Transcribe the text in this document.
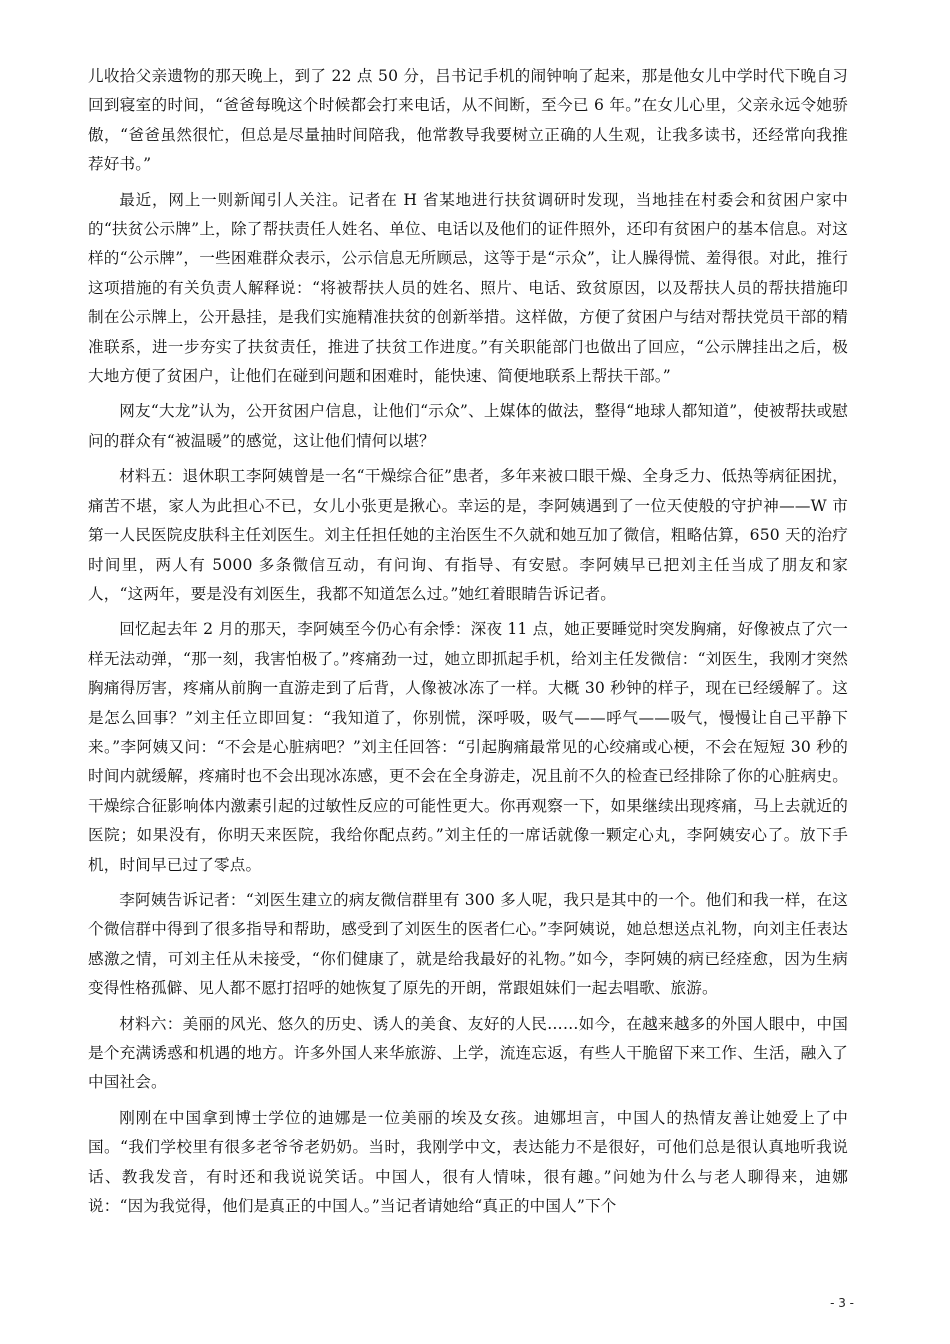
儿收拾父亲遗物的那天晚上，到了 22 点 50 分，吕书记手机的闹钟响了起来，那是他女儿中学时代下晚自习回到寝室的时间，“爸爸每晚这个时候都会打来电话，从不间断，至今已 6 年。”在女儿心里，父亲永远令她骄傲，“爸爸虽然很忙，但总是尽量抽时间陪我，他常教导我要树立正确的人生观，让我多读书，还经常向我推荐好书。”

最近，网上一则新闻引人关注。记者在 H 省某地进行扶贫调研时发现，当地挂在村委会和贫困户家中的“扶贫公示牌”上，除了帮扶责任人姓名、单位、电话以及他们的证件照外，还印有贫困户的基本信息。对这样的“公示牌”，一些困难群众表示，公示信息无所顾忌，这等于是“示众”，让人臊得慌、羞得很。对此，推行这项措施的有关负责人解释说：“将被帮扶人员的姓名、照片、电话、致贫原因，以及帮扶人员的帮扶措施印制在公示牌上，公开悬挂，是我们实施精准扶贫的创新举措。这样做，方便了贫困户与结对帮扶党员干部的精准联系，进一步夯实了扶贫责任，推进了扶贫工作进度。”有关职能部门也做出了回应，“公示牌挂出之后，极大地方便了贫困户，让他们在碰到问题和困难时，能快速、简便地联系上帮扶干部。”

网友“大龙”认为，公开贫困户信息，让他们“示众”、上媒体的做法，整得“地球人都知道”，使被帮扶或慰问的群众有“被温暖”的感觉，这让他们情何以堪？

材料五：退休职工李阿姨曾是一名“干燥综合征”患者，多年来被口眼干燥、全身乏力、低热等病征困扰，痛苦不堪，家人为此担心不已，女儿小张更是揪心。幸运的是，李阿姨遇到了一位天使般的守护神——W 市第一人民医院皮肤科主任刘医生。刘主任担任她的主治医生不久就和她互加了微信，粗略估算，650 天的治疗时间里，两人有 5000 多条微信互动，有问询、有指导、有安慰。李阿姨早已把刘主任当成了朋友和家人，“这两年，要是没有刘医生，我都不知道怎么过。”她红着眼睛告诉记者。

回忆起去年 2 月的那天，李阿姨至今仍心有余悸：深夜 11 点，她正要睡觉时突发胸痛，好像被点了穴一样无法动弹，“那一刻，我害怕极了。”疼痛劲一过，她立即抓起手机，给刘主任发微信：“刘医生，我刚才突然胸痛得厉害，疼痛从前胸一直游走到了后背，人像被冰冻了一样。大概 30 秒钟的样子，现在已经缓解了。这是怎么回事？”刘主任立即回复：“我知道了，你别慌，深呼吸，吸气——呼气——吸气，慢慢让自己平静下来。”李阿姨又问：“不会是心脏病吧？”刘主任回答：“引起胸痛最常见的心绞痛或心梗，不会在短短 30 秒的时间内就缓解，疼痛时也不会出现冰冻感，更不会在全身游走，况且前不久的检查已经排除了你的心脏病史。干燥综合征影响体内激素引起的过敏性反应的可能性更大。你再观察一下，如果继续出现疼痛，马上去就近的医院；如果没有，你明天来医院，我给你配点药。”刘主任的一席话就像一颗定心丸，李阿姨安心了。放下手机，时间早已过了零点。

李阿姨告诉记者：“刘医生建立的病友微信群里有 300 多人呢，我只是其中的一个。他们和我一样，在这个微信群中得到了很多指导和帮助，感受到了刘医生的医者仁心。”李阿姨说，她总想送点礼物，向刘主任表达感激之情，可刘主任从未接受，“你们健康了，就是给我最好的礼物。”如今，李阿姨的病已经痊愈，因为生病变得性格孤僻、见人都不愿打招呼的她恢复了原先的开朗，常跟姐妹们一起去唱歌、旅游。

材料六：美丽的风光、悠久的历史、诱人的美食、友好的人民……如今，在越来越多的外国人眼中，中国是个充满诱惑和机遇的地方。许多外国人来华旅游、上学，流连忘返，有些人干脆留下来工作、生活，融入了中国社会。

刚刚在中国拿到博士学位的迪娜是一位美丽的埃及女孩。迪娜坦言，中国人的热情友善让她爱上了中国。“我们学校里有很多老爷爷老奶奶。当时，我刚学中文，表达能力不是很好，可他们总是很认真地听我说话、教我发音，有时还和我说说笑话。中国人，很有人情味，很有趣。”问她为什么与老人聊得来，迪娜说：“因为我觉得，他们是真正的中国人。”当记者请她给“真正的中国人”下个

- 3 -
